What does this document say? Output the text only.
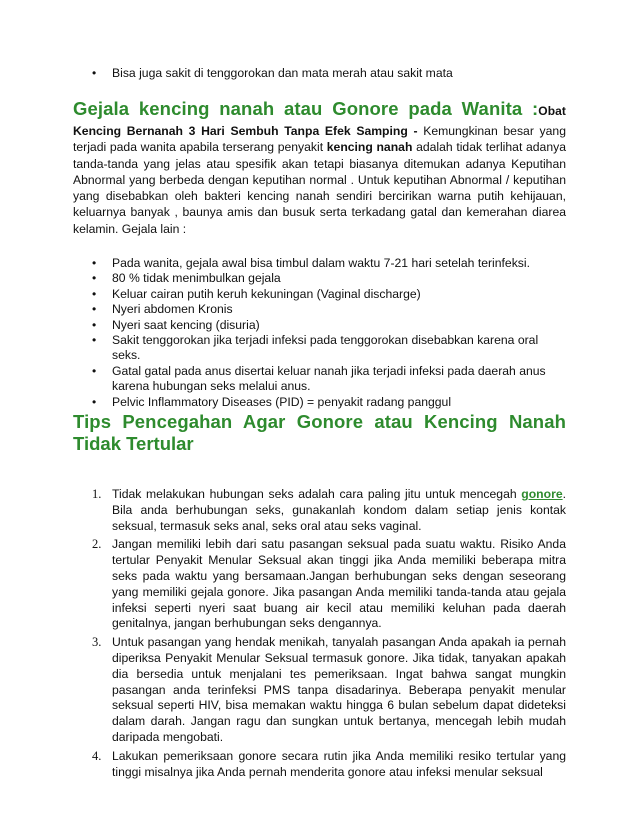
• Bisa juga sakit di tenggorokan dan mata merah atau sakit mata
Gejala kencing nanah atau Gonore pada Wanita :Obat

Kencing Bernanah 3 Hari Sembuh Tanpa Efek Samping - Kemungkinan besar yang terjadi pada wanita apabila terserang penyakit kencing nanah adalah tidak terlihat adanya tanda-tanda yang jelas atau spesifik akan tetapi biasanya ditemukan adanya Keputihan Abnormal yang berbeda dengan keputihan normal . Untuk keputihan Abnormal / keputihan yang disebabkan oleh bakteri kencing nanah sendiri bercirikan warna putih kehijauan, keluarnya banyak , baunya amis dan busuk serta terkadang gatal dan kemerahan diarea kelamin. Gejala lain :

• Pada wanita, gejala awal bisa timbul dalam waktu 7-21 hari setelah terinfeksi.
• 80 % tidak menimbulkan gejala
• Keluar cairan putih keruh kekuningan (Vaginal discharge)
• Nyeri abdomen Kronis
• Nyeri saat kencing (disuria)
• Sakit tenggorokan jika terjadi infeksi pada tenggorokan disebabkan karena oral seks.
• Gatal gatal pada anus disertai keluar nanah jika terjadi infeksi pada daerah anus karena hubungan seks melalui anus.
• Pelvic Inflammatory Diseases (PID) = penyakit radang panggul
Tips Pencegahan Agar Gonore atau Kencing Nanah
Tidak Tertular
1. Tidak melakukan hubungan seks adalah cara paling jitu untuk mencegah gonore. Bila anda berhubungan seks, gunakanlah kondom dalam setiap jenis kontak seksual, termasuk seks anal, seks oral atau seks vaginal.
2. Jangan memiliki lebih dari satu pasangan seksual pada suatu waktu. Risiko Anda tertular Penyakit Menular Seksual akan tinggi jika Anda memiliki beberapa mitra seks pada waktu yang bersamaan.Jangan berhubungan seks dengan seseorang yang memiliki gejala gonore. Jika pasangan Anda memiliki tanda-tanda atau gejala infeksi seperti nyeri saat buang air kecil atau memiliki keluhan pada daerah genitalnya, jangan berhubungan seks dengannya.
3. Untuk pasangan yang hendak menikah, tanyalah pasangan Anda apakah ia pernah diperiksa Penyakit Menular Seksual termasuk gonore. Jika tidak, tanyakan apakah dia bersedia untuk menjalani tes pemeriksaan. Ingat bahwa sangat mungkin pasangan anda terinfeksi PMS tanpa disadarinya. Beberapa penyakit menular seksual seperti HIV, bisa memakan waktu hingga 6 bulan sebelum dapat dideteksi dalam darah. Jangan ragu dan sungkan untuk bertanya, mencegah lebih mudah daripada mengobati.
4. Lakukan pemeriksaan gonore secara rutin jika Anda memiliki resiko tertular yang tinggi misalnya jika Anda pernah menderita gonore atau infeksi menular seksual
